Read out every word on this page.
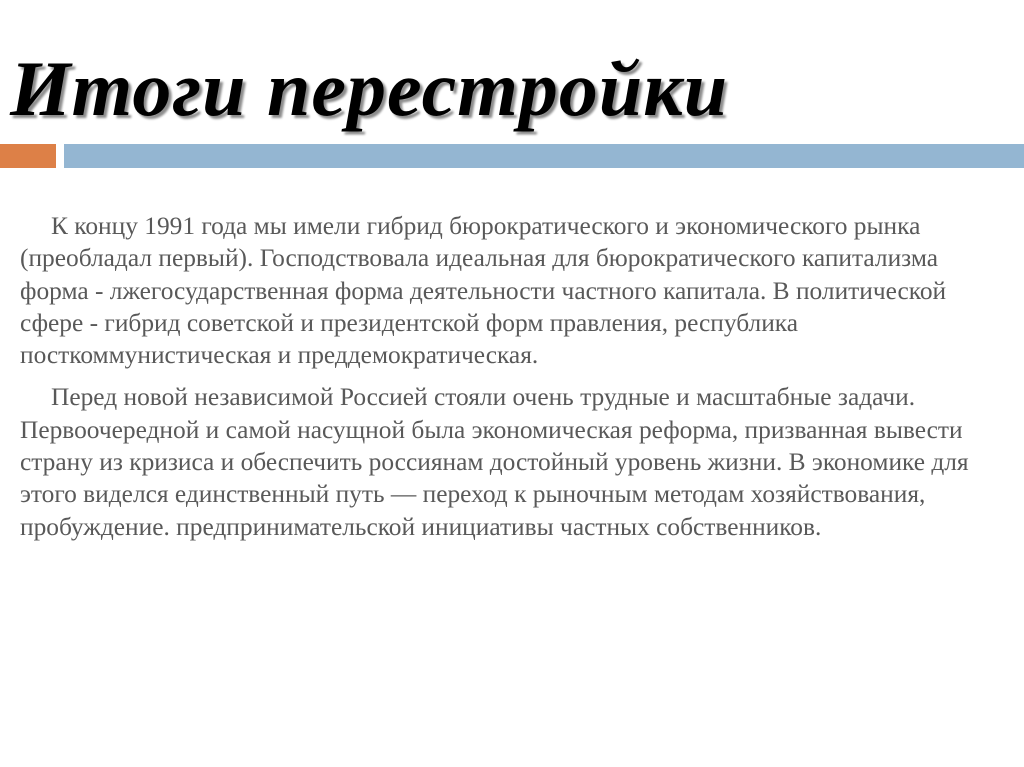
Итоги перестройки

К концу 1991 года мы имели гибрид бюрократического и экономического рынка (преобладал первый). Господствовала идеальная для бюрократического капитализма форма - лжегосударственная форма деятельности частного капитала. В политической сфере - гибрид советской и президентской форм правления, республика посткоммунистическая и преддемократическая.

Перед новой независимой Россией стояли очень трудные и масштабные задачи. Первоочередной и самой насущной была экономическая реформа, призванная вывести страну из кризиса и обеспечить россиянам достойный уровень жизни. В экономике для этого виделся единственный путь — переход к рыночным методам хозяйствования, пробуждение. предпринимательской инициативы частных собственников.
